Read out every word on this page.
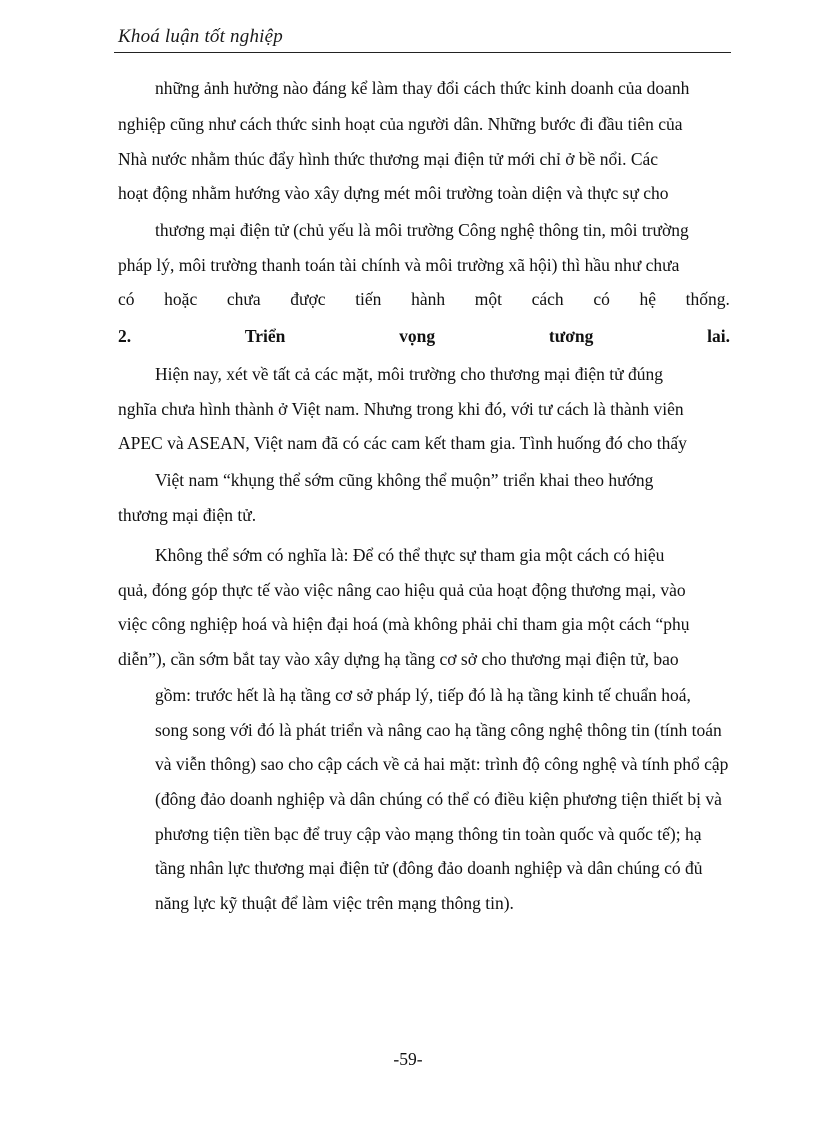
Khoá luận tốt nghiệp
những ảnh hưởng nào đáng kể làm thay đổi cách thức kinh doanh của doanh
nghiệp cũng như cách thức sinh hoạt của người dân. Những bước đi đầu tiên của
Nhà nước nhằm thúc đẩy hình thức thương mại điện tử mới chỉ ở bề nổi. Các
hoạt động nhằm hướng vào xây dựng mét môi trường toàn diện và thực sự cho
thương mại điện tử (chủ yếu là môi trường Công nghệ thông tin, môi trường
pháp lý, môi trường thanh toán tài chính và môi trường xã hội) thì hầu như chưa
có hoặc chưa được tiến hành một cách có hệ thống.
2.	Triển	vọng	tương	lai.
Hiện nay, xét về tất cả các mặt, môi trường cho thương mại điện tử đúng
nghĩa chưa hình thành ở Việt nam. Nhưng trong khi đó, với tư cách là thành viên
APEC và ASEAN, Việt nam đã có các cam kết tham gia. Tình huống đó cho thấy
Việt nam “khụng thể sớm cũng không thể muộn” triển khai theo hướng
thương mại điện tử.
Không thể sớm có nghĩa là: Để có thể thực sự tham gia một cách có hiệu
quả, đóng góp thực tế vào việc nâng cao hiệu quả của hoạt động thương mại, vào
việc công nghiệp hoá và hiện đại hoá (mà không phải chỉ tham gia một cách “phụ
diễn”), cần sớm bắt tay vào xây dựng hạ tầng cơ sở cho thương mại điện tử, bao
gồm: trước hết là hạ tầng cơ sở pháp lý, tiếp đó là hạ tầng kinh tế chuẩn hoá,
song song với đó là phát triển và nâng cao hạ tầng công nghệ thông tin (tính toán
và viễn thông) sao cho cập cách về cả hai mặt: trình độ công nghệ và tính phổ cập
(đông đảo doanh nghiệp và dân chúng có thể có điều kiện phương tiện thiết bị và
phương tiện tiền bạc để truy cập vào mạng thông tin toàn quốc và quốc tế); hạ
tầng nhân lực thương mại điện tử (đông đảo doanh nghiệp và dân chúng có đủ
năng lực kỹ thuật để làm việc trên mạng thông tin).
-59-
